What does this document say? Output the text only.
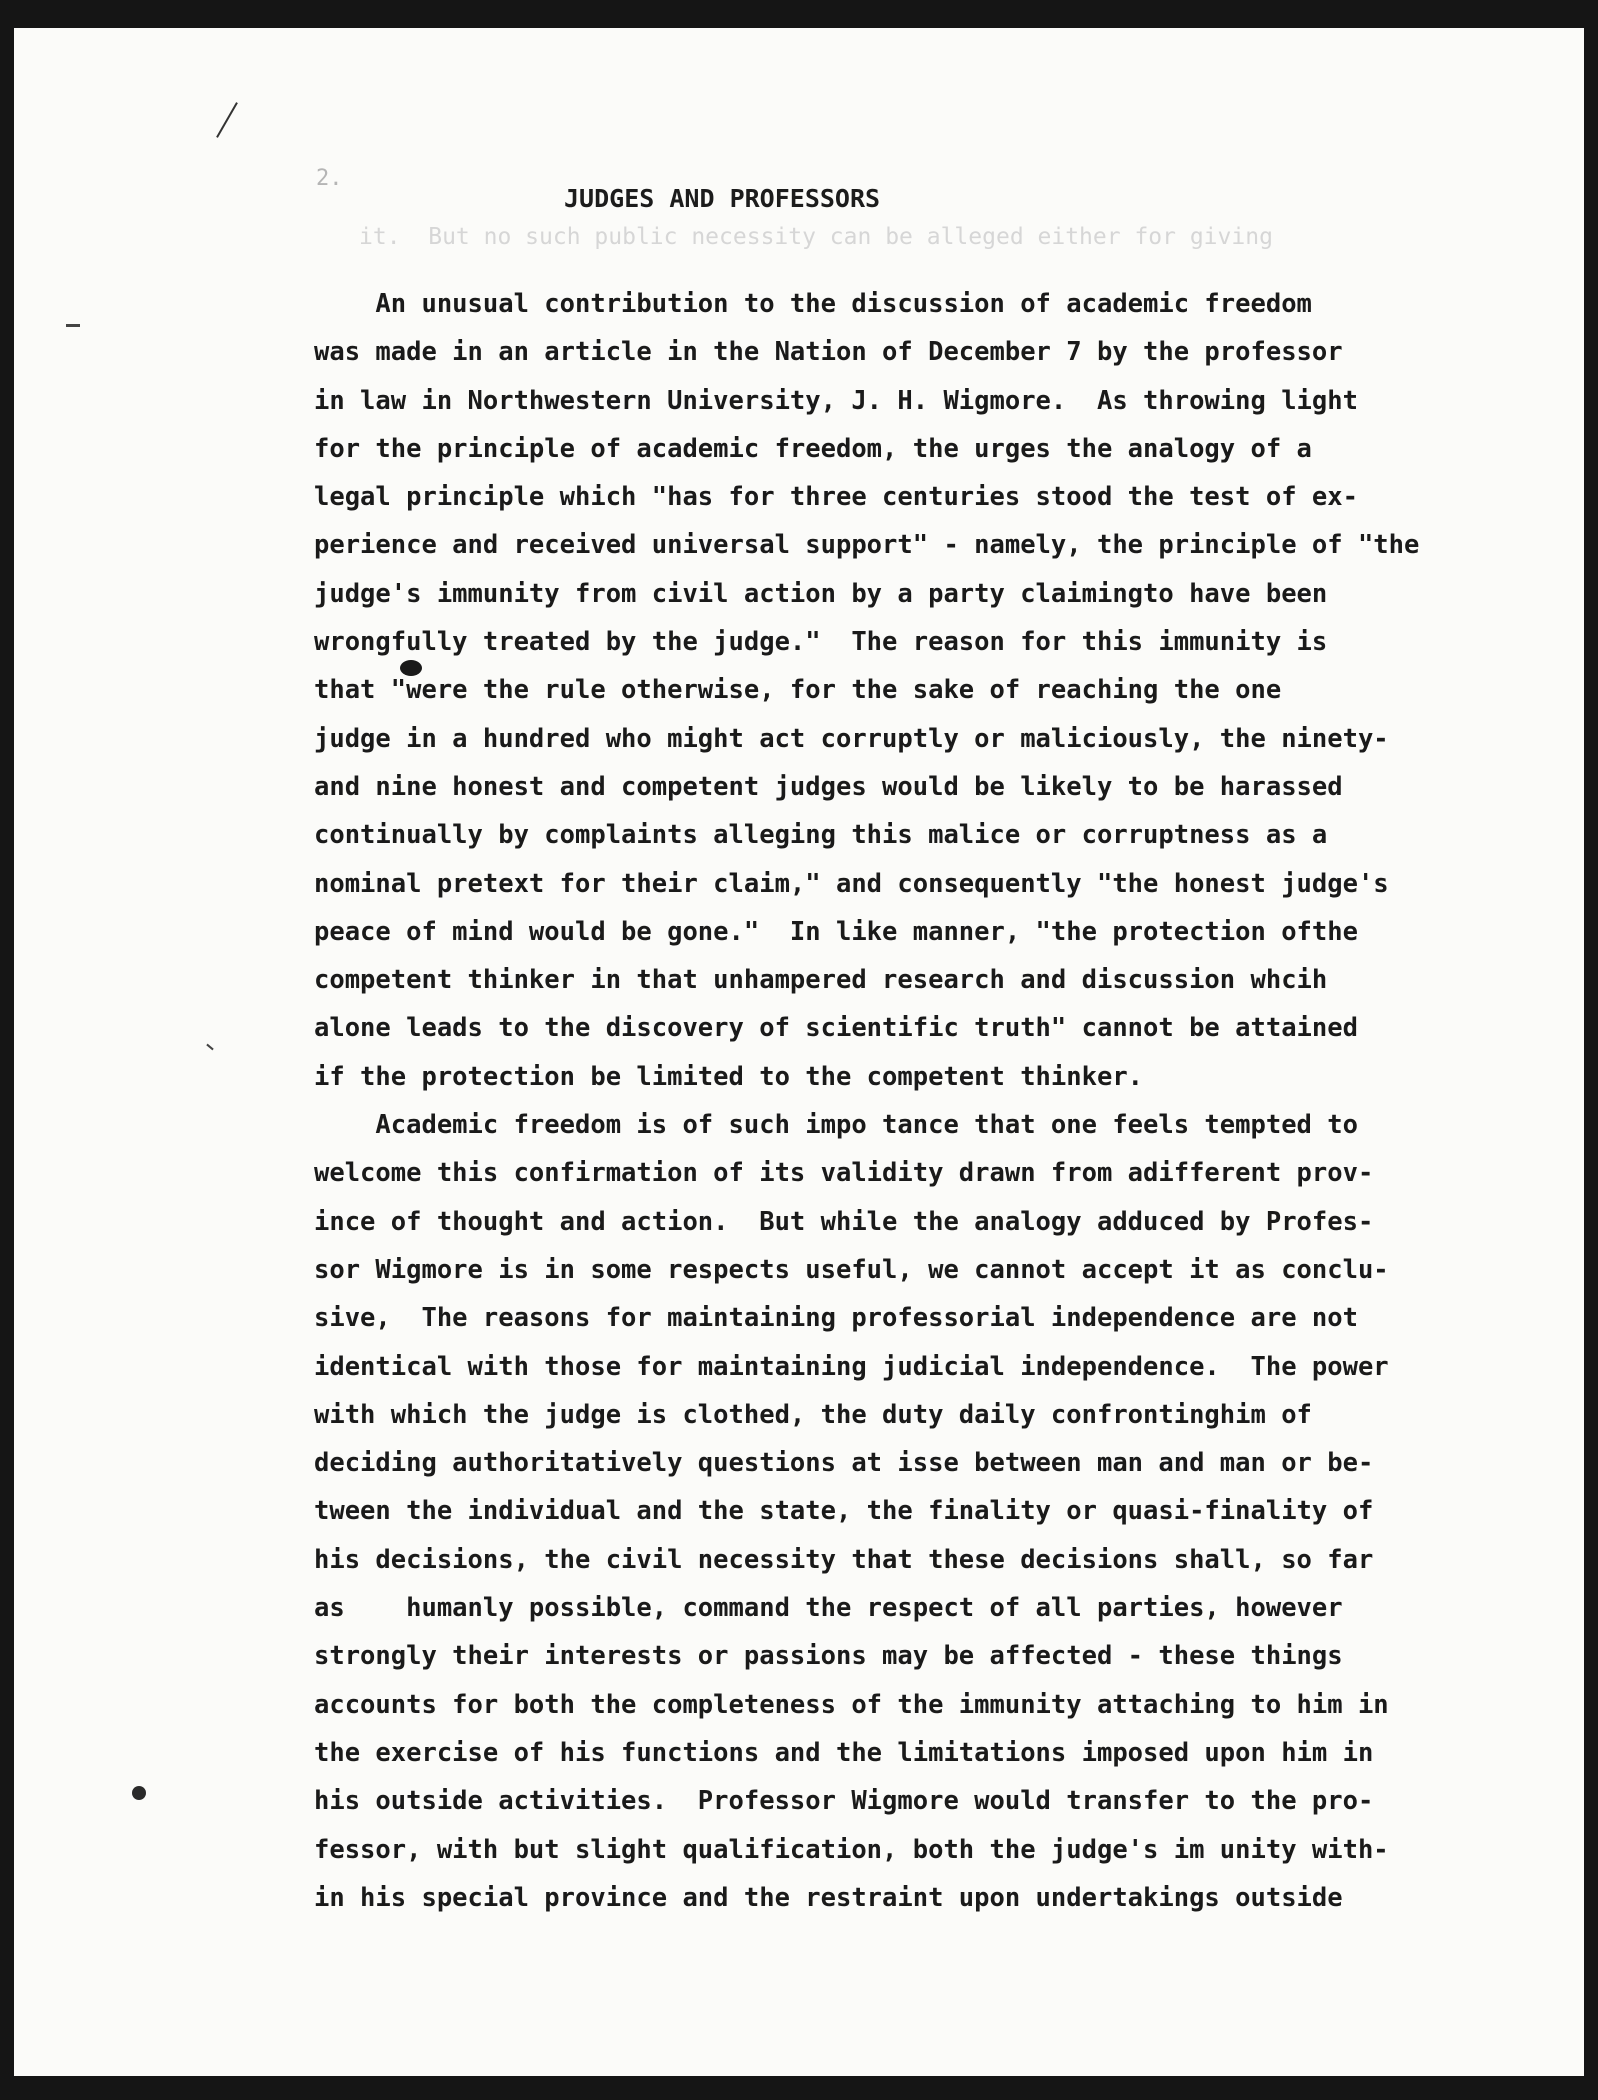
2.
JUDGES AND PROFESSORS
it.  But no such public necessity can be alleged either for giving
An unusual contribution to the discussion of academic freedom
was made in an article in the Nation of December 7 by the professor
in law in Northwestern University, J. H. Wigmore.  As throwing light
for the principle of academic freedom, the urges the analogy of a
legal principle which "has for three centuries stood the test of ex-
perience and received universal support" - namely, the principle of "the
judge's immunity from civil action by a party claimingto have been
wrongfully treated by the judge."  The reason for this immunity is
that "were the rule otherwise, for the sake of reaching the one
judge in a hundred who might act corruptly or maliciously, the ninety-
and nine honest and competent judges would be likely to be harassed
continually by complaints alleging this malice or corruptness as a
nominal pretext for their claim," and consequently "the honest judge's
peace of mind would be gone."  In like manner, "the protection ofthe
competent thinker in that unhampered research and discussion whcih
alone leads to the discovery of scientific truth" cannot be attained
if the protection be limited to the competent thinker.
Academic freedom is of such impo tance that one feels tempted to
welcome this confirmation of its validity drawn from adifferent prov-
ince of thought and action.  But while the analogy adduced by Profes-
sor Wigmore is in some respects useful, we cannot accept it as conclu-
sive,  The reasons for maintaining professorial independence are not
identical with those for maintaining judicial independence.  The power
with which the judge is clothed, the duty daily confrontinghim of
deciding authoritatively questions at isse between man and man or be-
tween the individual and the state, the finality or quasi-finality of
his decisions, the civil necessity that these decisions shall, so far
as    humanly possible, command the respect of all parties, however
strongly their interests or passions may be affected - these things
accounts for both the completeness of the immunity attaching to him in
the exercise of his functions and the limitations imposed upon him in
his outside activities.  Professor Wigmore would transfer to the pro-
fessor, with but slight qualification, both the judge's im unity with-
in his special province and the restraint upon undertakings outside
